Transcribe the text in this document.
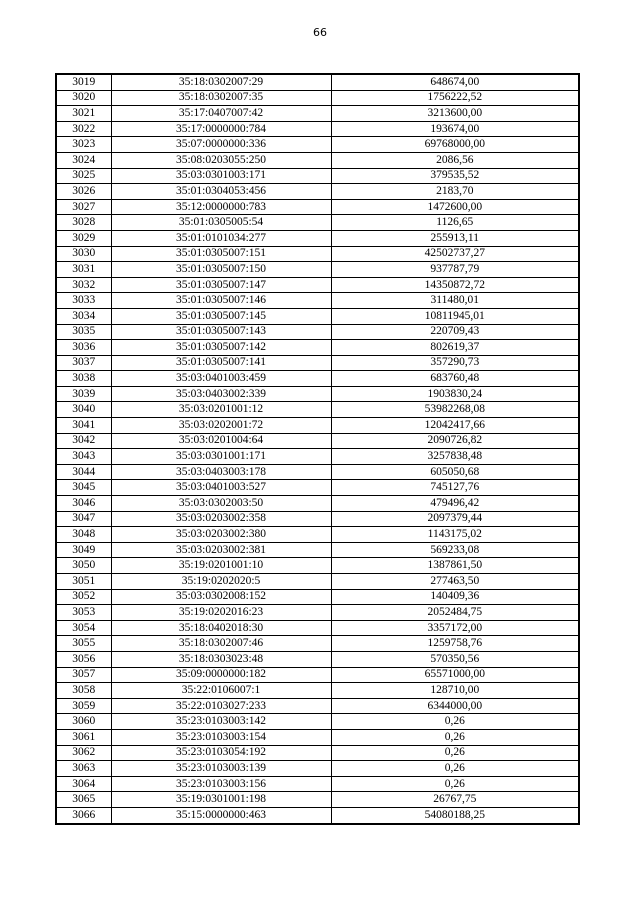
66
3019	35:18:0302007:29	648674,00
3020	35:18:0302007:35	1756222,52
3021	35:17:0407007:42	3213600,00
3022	35:17:0000000:784	193674,00
3023	35:07:0000000:336	69768000,00
3024	35:08:0203055:250	2086,56
3025	35:03:0301003:171	379535,52
3026	35:01:0304053:456	2183,70
3027	35:12:0000000:783	1472600,00
3028	35:01:0305005:54	1126,65
3029	35:01:0101034:277	255913,11
3030	35:01:0305007:151	42502737,27
3031	35:01:0305007:150	937787,79
3032	35:01:0305007:147	14350872,72
3033	35:01:0305007:146	311480,01
3034	35:01:0305007:145	10811945,01
3035	35:01:0305007:143	220709,43
3036	35:01:0305007:142	802619,37
3037	35:01:0305007:141	357290,73
3038	35:03:0401003:459	683760,48
3039	35:03:0403002:339	1903830,24
3040	35:03:0201001:12	53982268,08
3041	35:03:0202001:72	12042417,66
3042	35:03:0201004:64	2090726,82
3043	35:03:0301001:171	3257838,48
3044	35:03:0403003:178	605050,68
3045	35:03:0401003:527	745127,76
3046	35:03:0302003:50	479496,42
3047	35:03:0203002:358	2097379,44
3048	35:03:0203002:380	1143175,02
3049	35:03:0203002:381	569233,08
3050	35:19:0201001:10	1387861,50
3051	35:19:0202020:5	277463,50
3052	35:03:0302008:152	140409,36
3053	35:19:0202016:23	2052484,75
3054	35:18:0402018:30	3357172,00
3055	35:18:0302007:46	1259758,76
3056	35:18:0303023:48	570350,56
3057	35:09:0000000:182	65571000,00
3058	35:22:0106007:1	128710,00
3059	35:22:0103027:233	6344000,00
3060	35:23:0103003:142	0,26
3061	35:23:0103003:154	0,26
3062	35:23:0103054:192	0,26
3063	35:23:0103003:139	0,26
3064	35:23:0103003:156	0,26
3065	35:19:0301001:198	26767,75
3066	35:15:0000000:463	54080188,25
